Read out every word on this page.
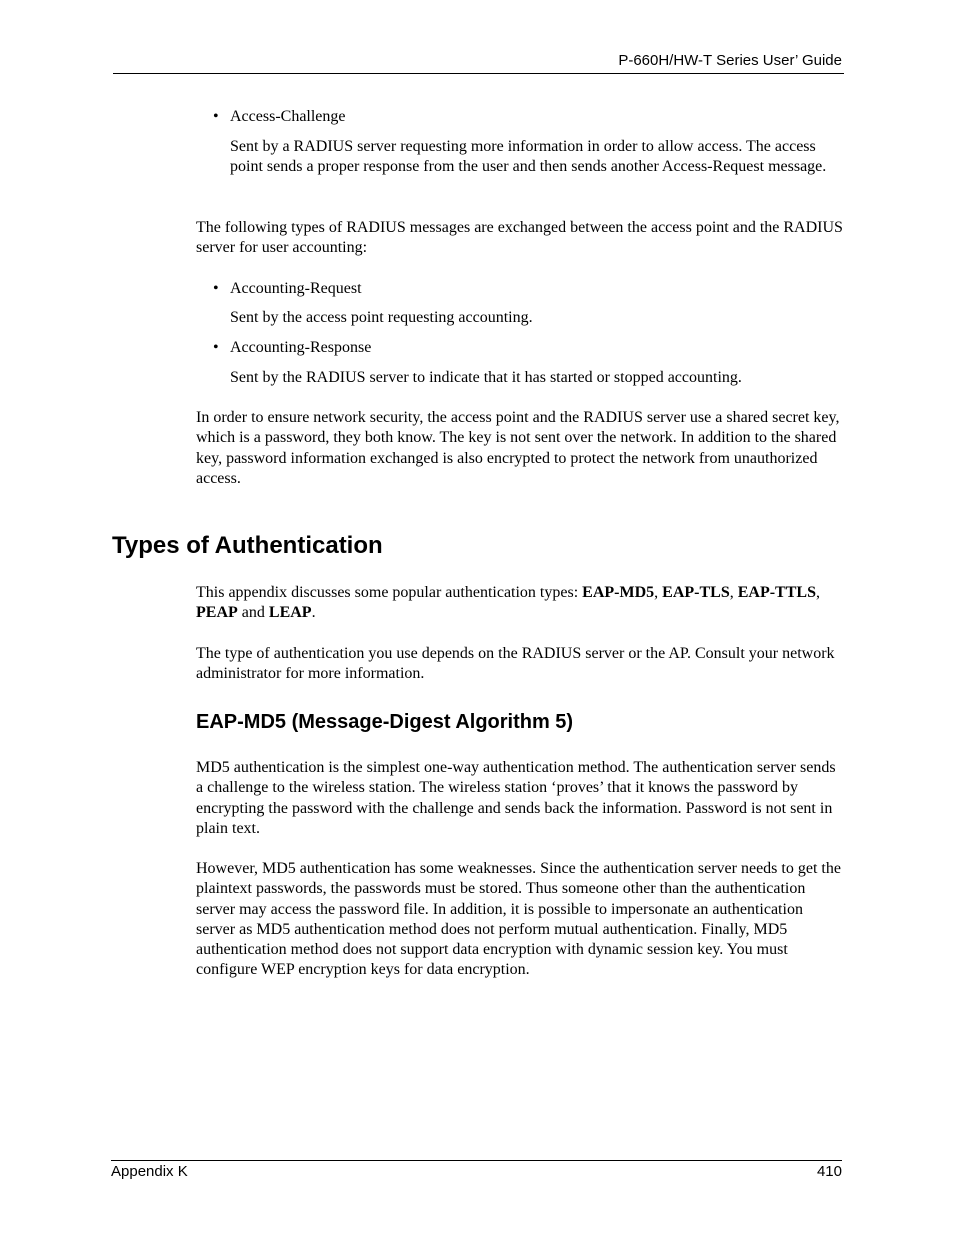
P-660H/HW-T Series User’ Guide
• Access-Challenge

Sent by a RADIUS server requesting more information in order to allow access. The access point sends a proper response from the user and then sends another Access-Request message.

The following types of RADIUS messages are exchanged between the access point and the RADIUS server for user accounting:

• Accounting-Request

Sent by the access point requesting accounting.

• Accounting-Response

Sent by the RADIUS server to indicate that it has started or stopped accounting.

In order to ensure network security, the access point and the RADIUS server use a shared secret key, which is a password, they both know. The key is not sent over the network. In addition to the shared key, password information exchanged is also encrypted to protect the network from unauthorized access.

Types of Authentication

This appendix discusses some popular authentication types: EAP-MD5, EAP-TLS, EAP-TTLS, PEAP and LEAP.

The type of authentication you use depends on the RADIUS server or the AP. Consult your network administrator for more information.

EAP-MD5 (Message-Digest Algorithm 5)

MD5 authentication is the simplest one-way authentication method. The authentication server sends a challenge to the wireless station. The wireless station ‘proves’ that it knows the password by encrypting the password with the challenge and sends back the information. Password is not sent in plain text.

However, MD5 authentication has some weaknesses. Since the authentication server needs to get the plaintext passwords, the passwords must be stored. Thus someone other than the authentication server may access the password file. In addition, it is possible to impersonate an authentication server as MD5 authentication method does not perform mutual authentication. Finally, MD5 authentication method does not support data encryption with dynamic session key. You must configure WEP encryption keys for data encryption.

Appendix K	410
